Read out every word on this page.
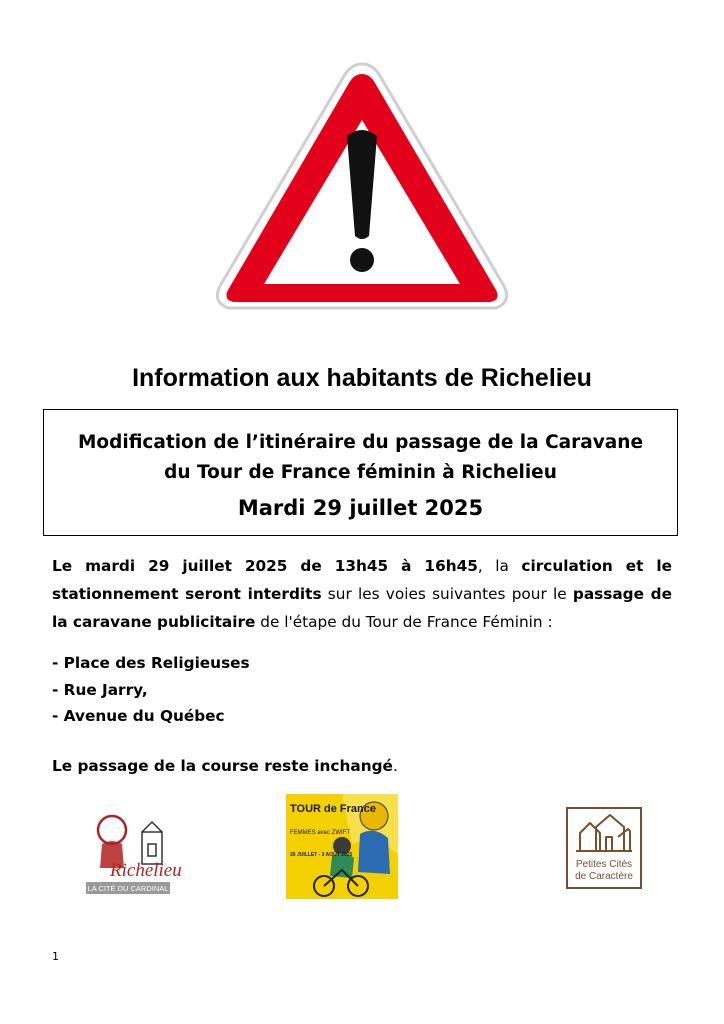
Information aux habitants de Richelieu
Modification de l’itinéraire du passage de la Caravane
du Tour de France féminin à Richelieu
Mardi 29 juillet 2025

Le mardi 29 juillet 2025 de 13h45 à 16h45, la circulation et le stationnement seront interdits sur les voies suivantes pour le passage de la caravane publicitaire de l'étape du Tour de France Féminin :

- Place des Religieuses
- Rue Jarry,
- Avenue du Québec

Le passage de la course reste inchangé.

Richelieu
LA CITÉ DU CARDINAL
TOUR de France
FEMMES avec ZWIFT
26 JUILLET - 3 AOÛT 2025
Petites Cités
de Caractère
1
